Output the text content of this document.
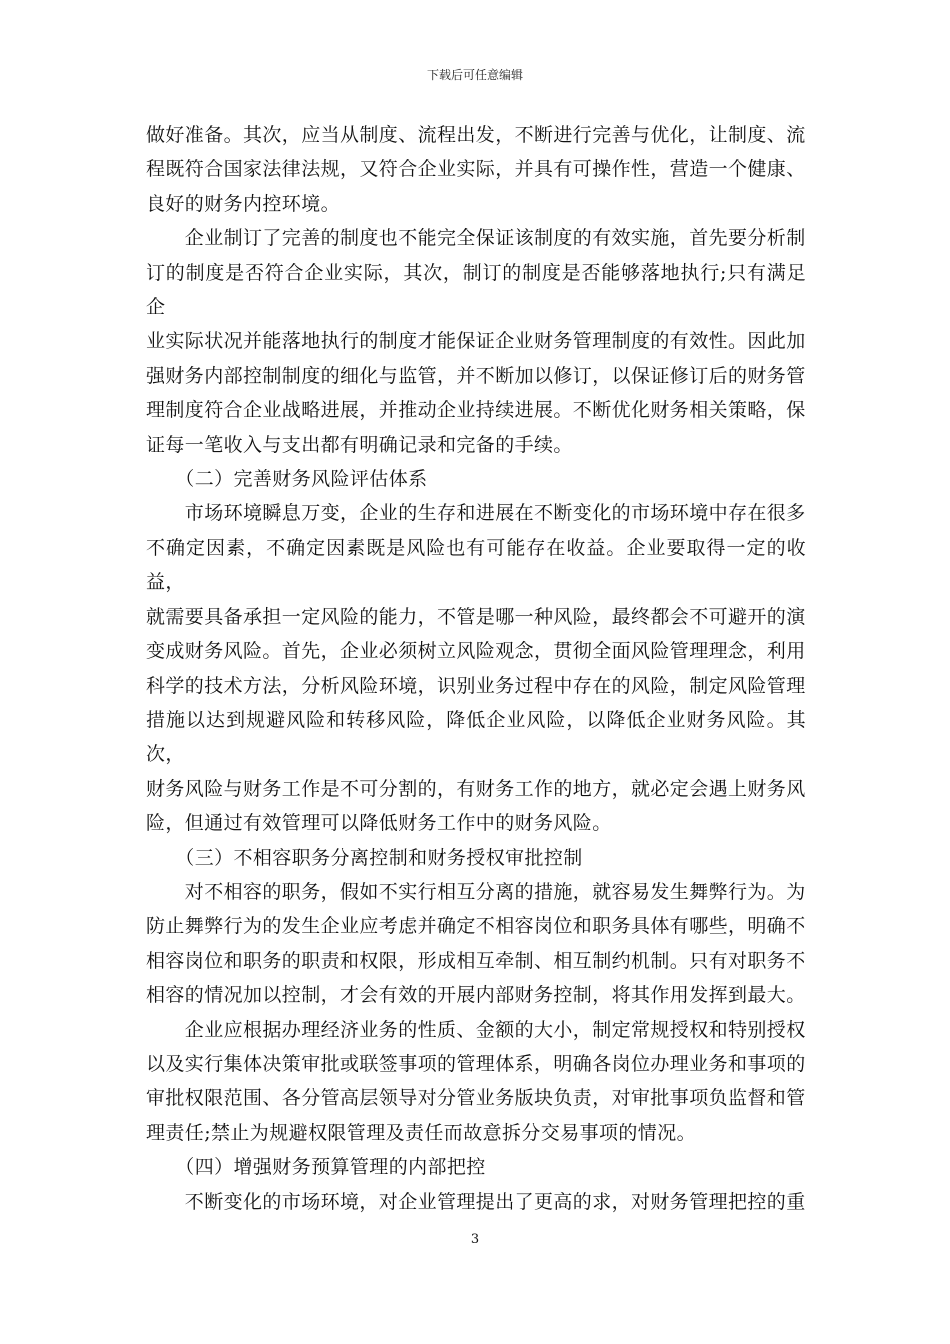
下载后可任意编辑
做好准备。其次，应当从制度、流程出发，不断进行完善与优化，让制度、流
程既符合国家法律法规，又符合企业实际，并具有可操作性，营造一个健康、
良好的财务内控环境。
　　企业制订了完善的制度也不能完全保证该制度的有效实施，首先要分析制
订的制度是否符合企业实际，其次，制订的制度是否能够落地执行;只有满足企
业实际状况并能落地执行的制度才能保证企业财务管理制度的有效性。因此加
强财务内部控制制度的细化与监管，并不断加以修订，以保证修订后的财务管
理制度符合企业战略进展，并推动企业持续进展。不断优化财务相关策略，保
证每一笔收入与支出都有明确记录和完备的手续。
　　（二）完善财务风险评估体系
　　市场环境瞬息万变，企业的生存和进展在不断变化的市场环境中存在很多
不确定因素，不确定因素既是风险也有可能存在收益。企业要取得一定的收益，
就需要具备承担一定风险的能力，不管是哪一种风险，最终都会不可避开的演
变成财务风险。首先，企业必须树立风险观念，贯彻全面风险管理理念，利用
科学的技术方法，分析风险环境，识别业务过程中存在的风险，制定风险管理
措施以达到规避风险和转移风险，降低企业风险，以降低企业财务风险。其次，
财务风险与财务工作是不可分割的，有财务工作的地方，就必定会遇上财务风
险，但通过有效管理可以降低财务工作中的财务风险。
　　（三）不相容职务分离控制和财务授权审批控制
　　对不相容的职务，假如不实行相互分离的措施，就容易发生舞弊行为。为
防止舞弊行为的发生企业应考虑并确定不相容岗位和职务具体有哪些，明确不
相容岗位和职务的职责和权限，形成相互牵制、相互制约机制。只有对职务不
相容的情况加以控制，才会有效的开展内部财务控制，将其作用发挥到最大。
　　企业应根据办理经济业务的性质、金额的大小，制定常规授权和特别授权
以及实行集体决策审批或联签事项的管理体系，明确各岗位办理业务和事项的
审批权限范围、各分管高层领导对分管业务版块负责，对审批事项负监督和管
理责任;禁止为规避权限管理及责任而故意拆分交易事项的情况。
　　（四）增强财务预算管理的内部把控
　　不断变化的市场环境，对企业管理提出了更高的求，对财务管理把控的重
3
